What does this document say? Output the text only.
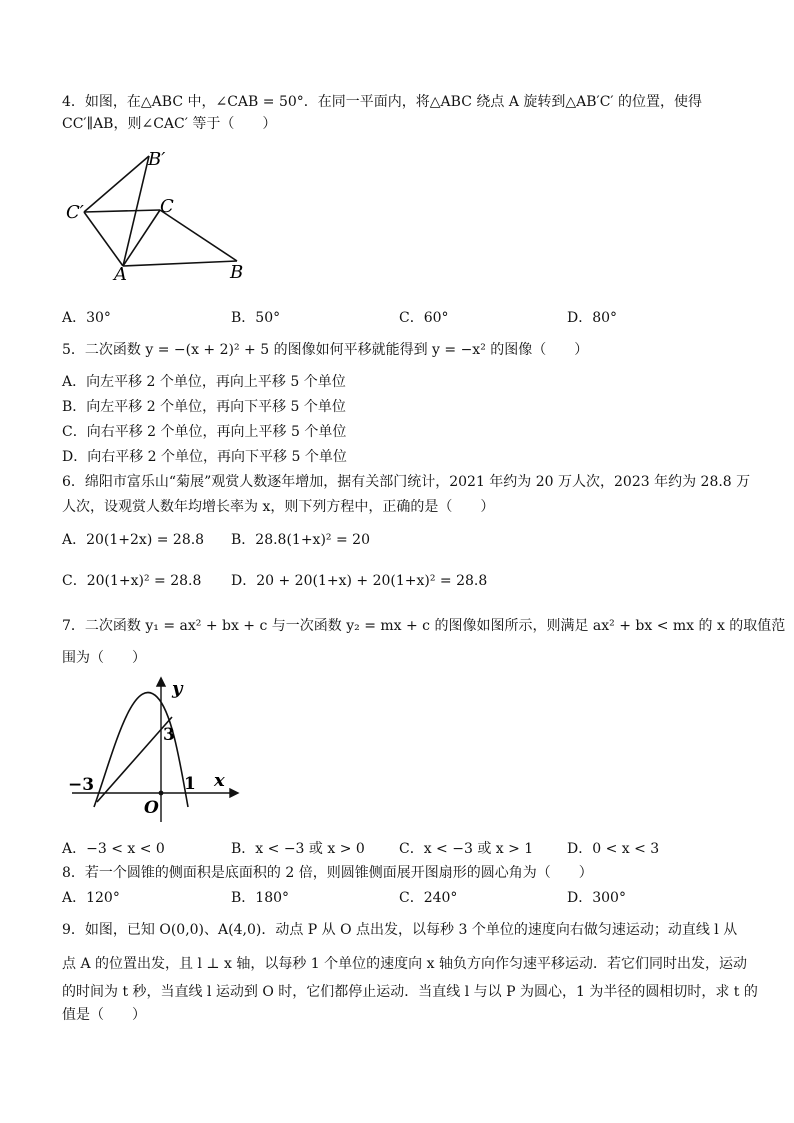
4．如图，在△ABC 中，∠CAB = 50°．在同一平面内，将△ABC 绕点 A 旋转到△AB′C′ 的位置，使得
CC′∥AB，则∠CAC′ 等于（　　）
B′
C′	C
A	B
A．30°	B．50°	C．60°	D．80°
5．二次函数 y = −(x + 2)² + 5 的图像如何平移就能得到 y = −x² 的图像（　　）
A．向左平移 2 个单位，再向上平移 5 个单位
B．向左平移 2 个单位，再向下平移 5 个单位
C．向右平移 2 个单位，再向上平移 5 个单位
D．向右平移 2 个单位，再向下平移 5 个单位
6．绵阳市富乐山“菊展”观赏人数逐年增加，据有关部门统计，2021 年约为 20 万人次，2023 年约为 28.8 万
人次，设观赏人数年均增长率为 x，则下列方程中，正确的是（　　）
A．20(1+2x) = 28.8 B．28.8(1+x)² = 20
C．20(1+x)² = 28.8 D．20 + 20(1+x) + 20(1+x)² = 28.8
7．二次函数 y₁ = ax² + bx + c 与一次函数 y₂ = mx + c 的图像如图所示，则满足 ax² + bx < mx 的 x 的取值范
围为（　　）
y
x
3
−3
O
1
A．−3 < x < 0	B．x < −3 或 x > 0 C．x < −3 或 x > 1 D．0 < x < 3
8．若一个圆锥的侧面积是底面积的 2 倍，则圆锥侧面展开图扇形的圆心角为（　　）
A．120°	B．180°	C．240°	D．300°
9．如图，已知 O(0,0)、A(4,0)．动点 P 从 O 点出发，以每秒 3 个单位的速度向右做匀速运动；动直线 l 从
点 A 的位置出发，且 l ⊥ x 轴，以每秒 1 个单位的速度向 x 轴负方向作匀速平移运动．若它们同时出发，运动
的时间为 t 秒，当直线 l 运动到 O 时，它们都停止运动．当直线 l 与以 P 为圆心，1 为半径的圆相切时，求 t 的
值是（　　）
